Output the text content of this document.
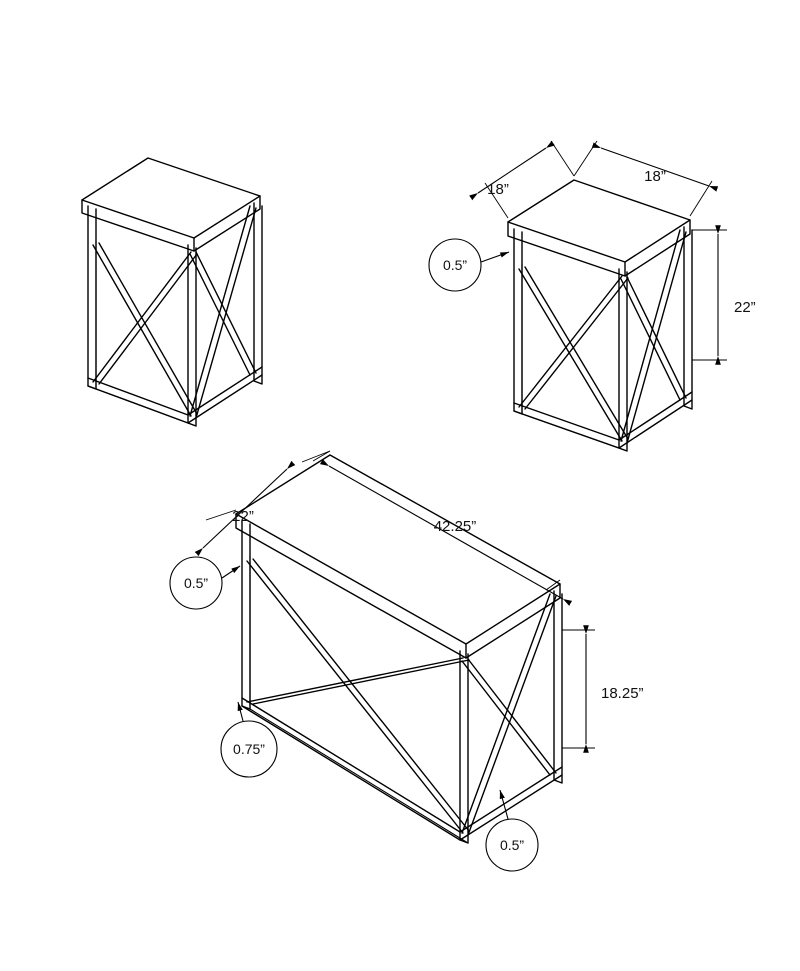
18”
18”
22”
0.5”
22”
42.25”
18.25”
0.5”
0.75”
0.5”
